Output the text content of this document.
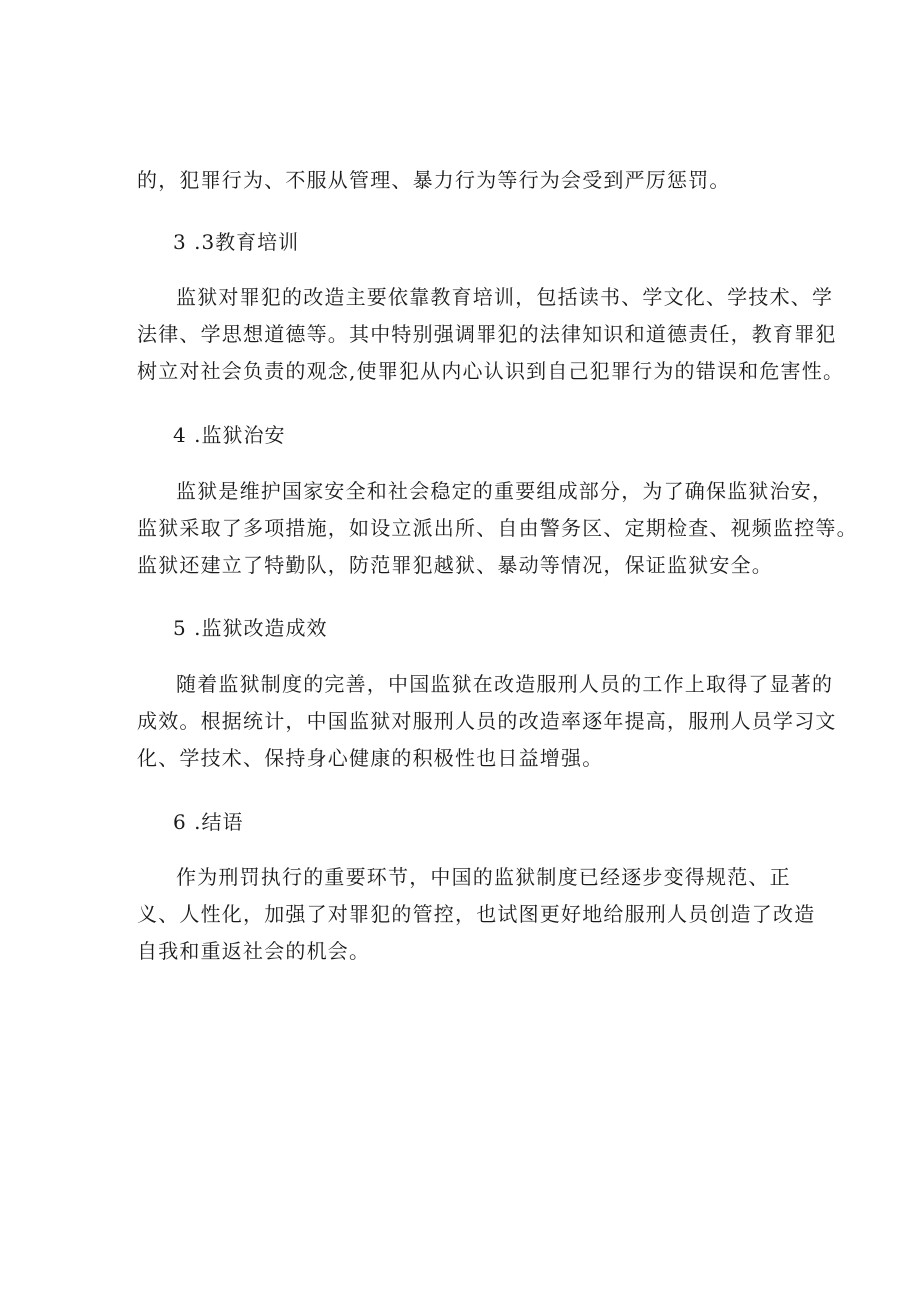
的，犯罪行为、不服从管理、暴力行为等行为会受到严厉惩罚。
3 .3教育培训
监狱对罪犯的改造主要依靠教育培训，包括读书、学文化、学技术、学
法律、学思想道德等。其中特别强调罪犯的法律知识和道德责任，教育罪犯
树立对社会负责的观念,使罪犯从内心认识到自己犯罪行为的错误和危害性。
4 .监狱治安
监狱是维护国家安全和社会稳定的重要组成部分，为了确保监狱治安，
监狱采取了多项措施，如设立派出所、自由警务区、定期检查、视频监控等。
监狱还建立了特勤队，防范罪犯越狱、暴动等情况，保证监狱安全。
5 .监狱改造成效
随着监狱制度的完善，中国监狱在改造服刑人员的工作上取得了显著的
成效。根据统计，中国监狱对服刑人员的改造率逐年提高，服刑人员学习文
化、学技术、保持身心健康的积极性也日益增强。
6 .结语
作为刑罚执行的重要环节，中国的监狱制度已经逐步变得规范、正
义、人性化，加强了对罪犯的管控，也试图更好地给服刑人员创造了改造
自我和重返社会的机会。
